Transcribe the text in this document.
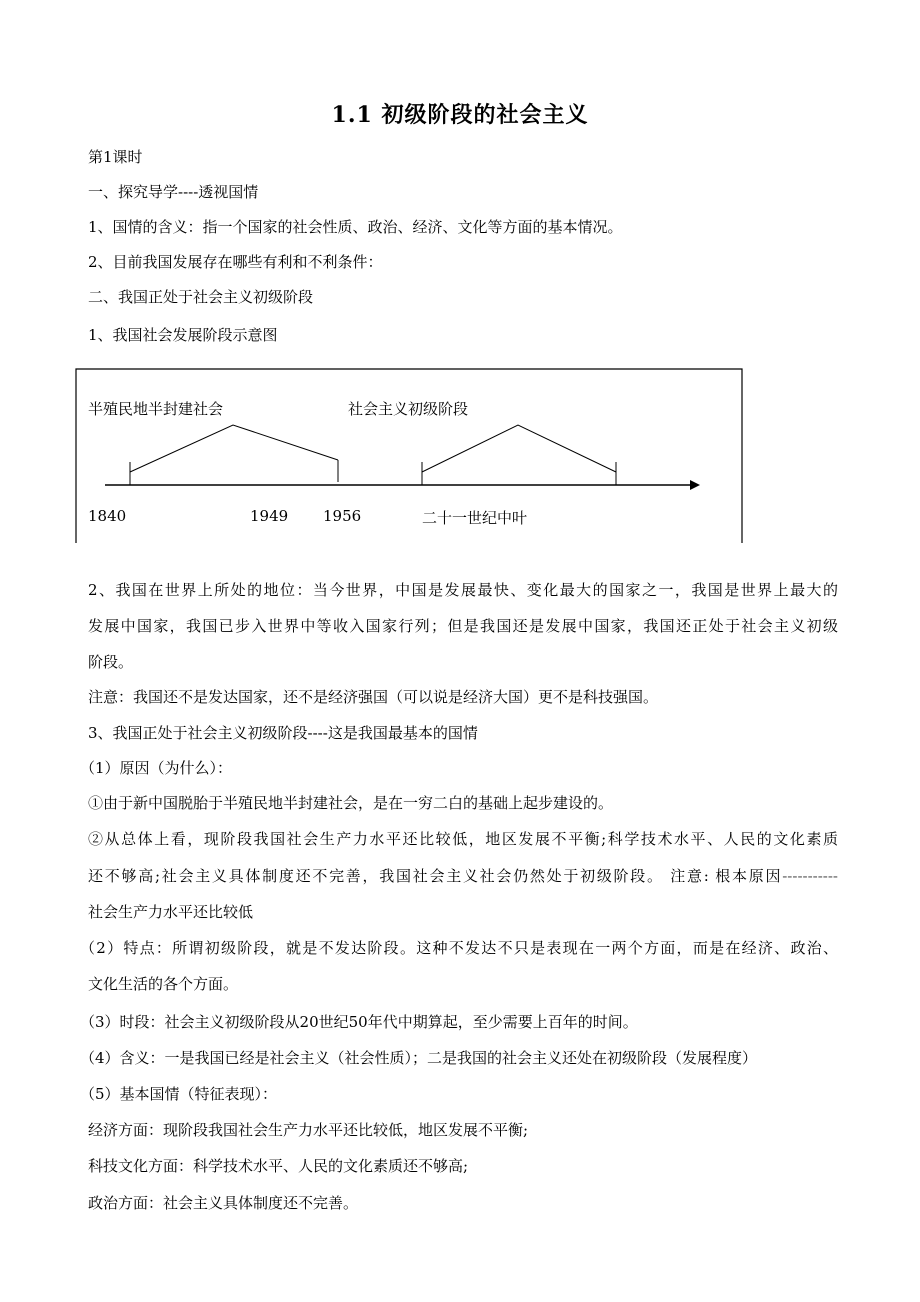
1.1 初级阶段的社会主义
第1课时
一、探究导学----透视国情
1、国情的含义：指一个国家的社会性质、政治、经济、文化等方面的基本情况。
2、目前我国发展存在哪些有利和不利条件：
二、我国正处于社会主义初级阶段
1、我国社会发展阶段示意图
半殖民地半封建社会	社会主义初级阶段
1840	1949 1956	二十一世纪中叶
2、我国在世界上所处的地位：当今世界，中国是发展最快、变化最大的国家之一，我国是世界上最大的
发展中国家，我国已步入世界中等收入国家行列；但是我国还是发展中国家，我国还正处于社会主义初级
阶段。
注意：我国还不是发达国家，还不是经济强国（可以说是经济大国）更不是科技强国。
3、我国正处于社会主义初级阶段----这是我国最基本的国情
（1）原因（为什么）：
①由于新中国脱胎于半殖民地半封建社会，是在一穷二白的基础上起步建设的。
②从总体上看，现阶段我国社会生产力水平还比较低，地区发展不平衡;科学技术水平、人民的文化素质
还不够高;社会主义具体制度还不完善，我国社会主义社会仍然处于初级阶段。 注意: 根本原因-----------
社会生产力水平还比较低
（2）特点：所谓初级阶段，就是不发达阶段。这种不发达不只是表现在一两个方面，而是在经济、政治、
文化生活的各个方面。
（3）时段：社会主义初级阶段从20世纪50年代中期算起，至少需要上百年的时间。
（4）含义：一是我国已经是社会主义（社会性质）；二是我国的社会主义还处在初级阶段（发展程度）
（5）基本国情（特征表现）：
经济方面：现阶段我国社会生产力水平还比较低，地区发展不平衡;
科技文化方面：科学技术水平、人民的文化素质还不够高;
政治方面：社会主义具体制度还不完善。
